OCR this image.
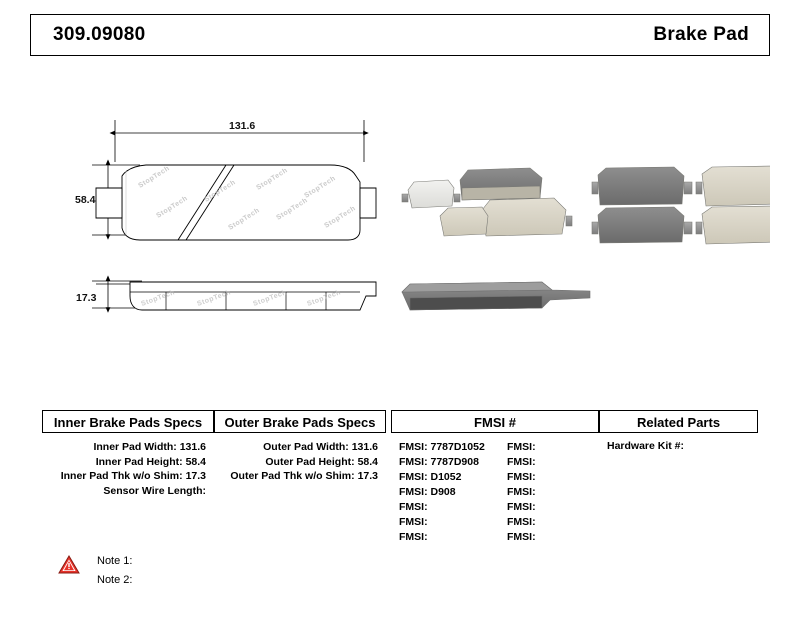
309.09080	Brake Pad
131.6
58.4
17.3
StopTech
StopTech
StopTech
StopTech
StopTech
StopTech
StopTech
StopTech
StopTech	StopTech	StopTech	StopTech
Inner Brake Pads Specs
Inner Pad Width: 131.6
Inner Pad Height: 58.4
Inner Pad Thk w/o Shim: 17.3
Sensor Wire Length:
Outer Brake Pads Specs
Outer Pad Width: 131.6
Outer Pad Height: 58.4
Outer Pad Thk w/o Shim: 17.3
FMSI #
FMSI: 7787D1052
FMSI: 7787D908
FMSI: D1052
FMSI: D908
FMSI:
FMSI:
FMSI:
FMSI:
FMSI:
FMSI:
FMSI:
FMSI:
FMSI:
FMSI:
Related Parts
Hardware Kit #:
Note 1:
Note 2:
